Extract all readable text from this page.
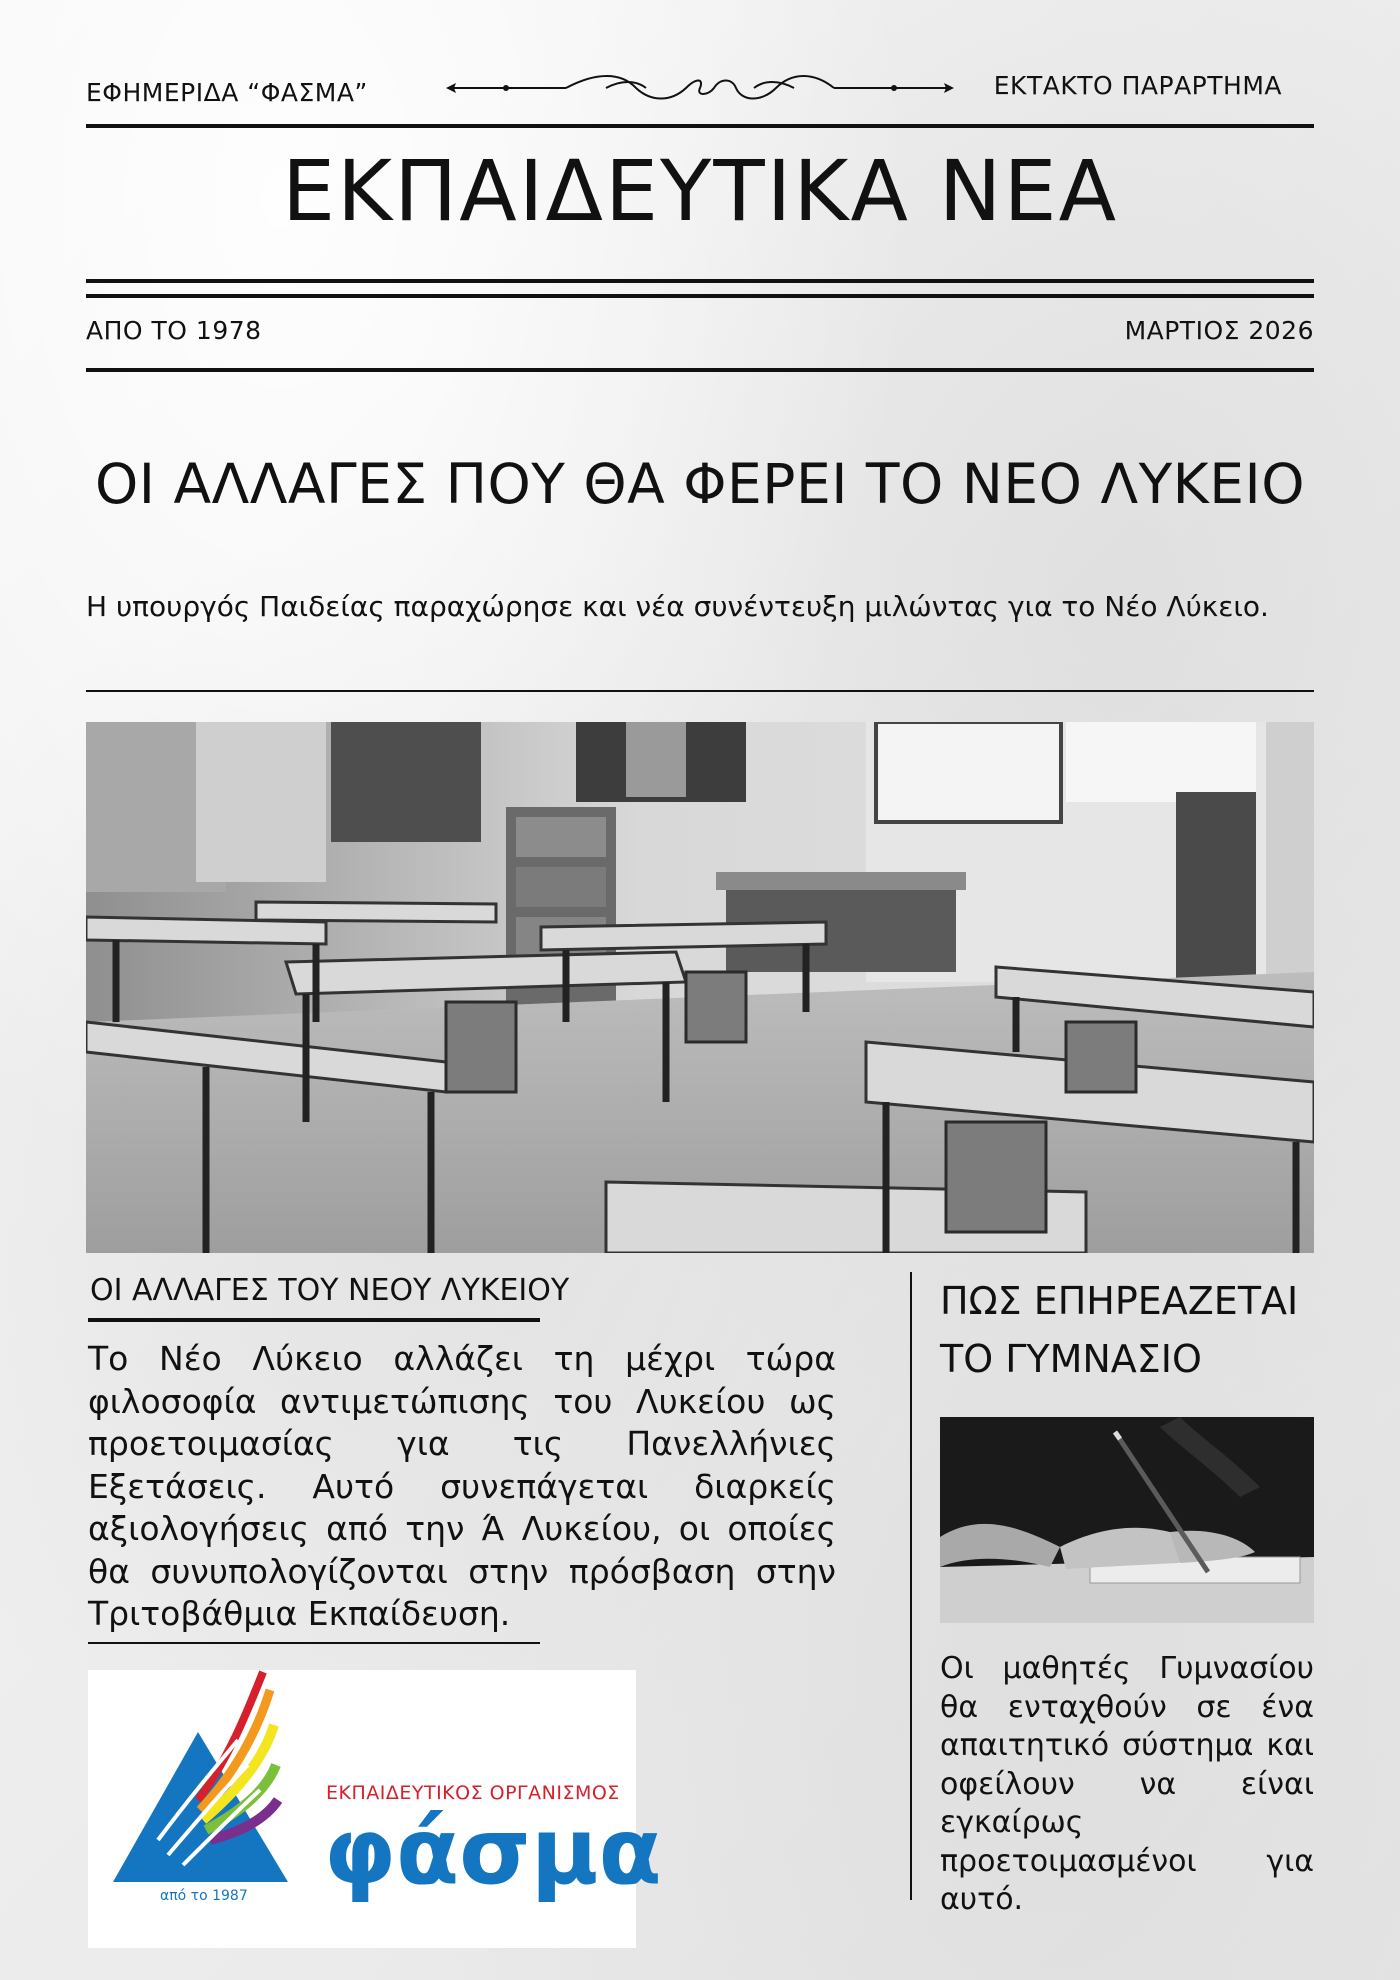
ΕΦΗΜΕΡΙΔΑ “ΦΑΣΜΑ”	ΕΚΤΑΚΤΟ ΠΑΡΑΡΤΗΜΑ
ΕΚΠΑΙΔΕΥΤΙΚΑ ΝΕΑ
ΑΠΟ ΤΟ 1978	ΜΑΡΤΙΟΣ 2026
ΟΙ ΑΛΛΑΓΕΣ ΠΟΥ ΘΑ ΦΕΡΕΙ ΤΟ ΝΕΟ ΛΥΚΕΙΟ
Η υπουργός Παιδείας παραχώρησε και νέα συνέντευξη μιλώντας για το Νέο Λύκειο.
ΟΙ ΑΛΛΑΓΕΣ ΤΟΥ ΝΕΟΥ ΛΥΚΕΙΟΥ
Το Νέο Λύκειο αλλάζει τη μέχρι τώρα φιλοσοφία αντιμετώπισης του Λυκείου ως προετοιμασίας για τις Πανελλήνιες Εξετάσεις. Αυτό συνεπάγεται διαρκείς αξιολογήσεις από την Ά Λυκείου, οι οποίες θα συνυπολογίζονται στην πρόσβαση στην Τριτοβάθμια Εκπαίδευση.
ΕΚΠΑΙΔΕΥΤΙΚΟΣ ΟΡΓΑΝΙΣΜΟΣ
φάσμα
από το 1987
ΠΩΣ ΕΠΗΡΕΑΖΕΤΑΙ
ΤΟ ΓΥΜΝΑΣΙΟ
Οι μαθητές Γυμνασίου θα ενταχθούν σε ένα απαιτητικό σύστημα και οφείλουν να είναι εγκαίρως προετοιμασμένοι για αυτό.
